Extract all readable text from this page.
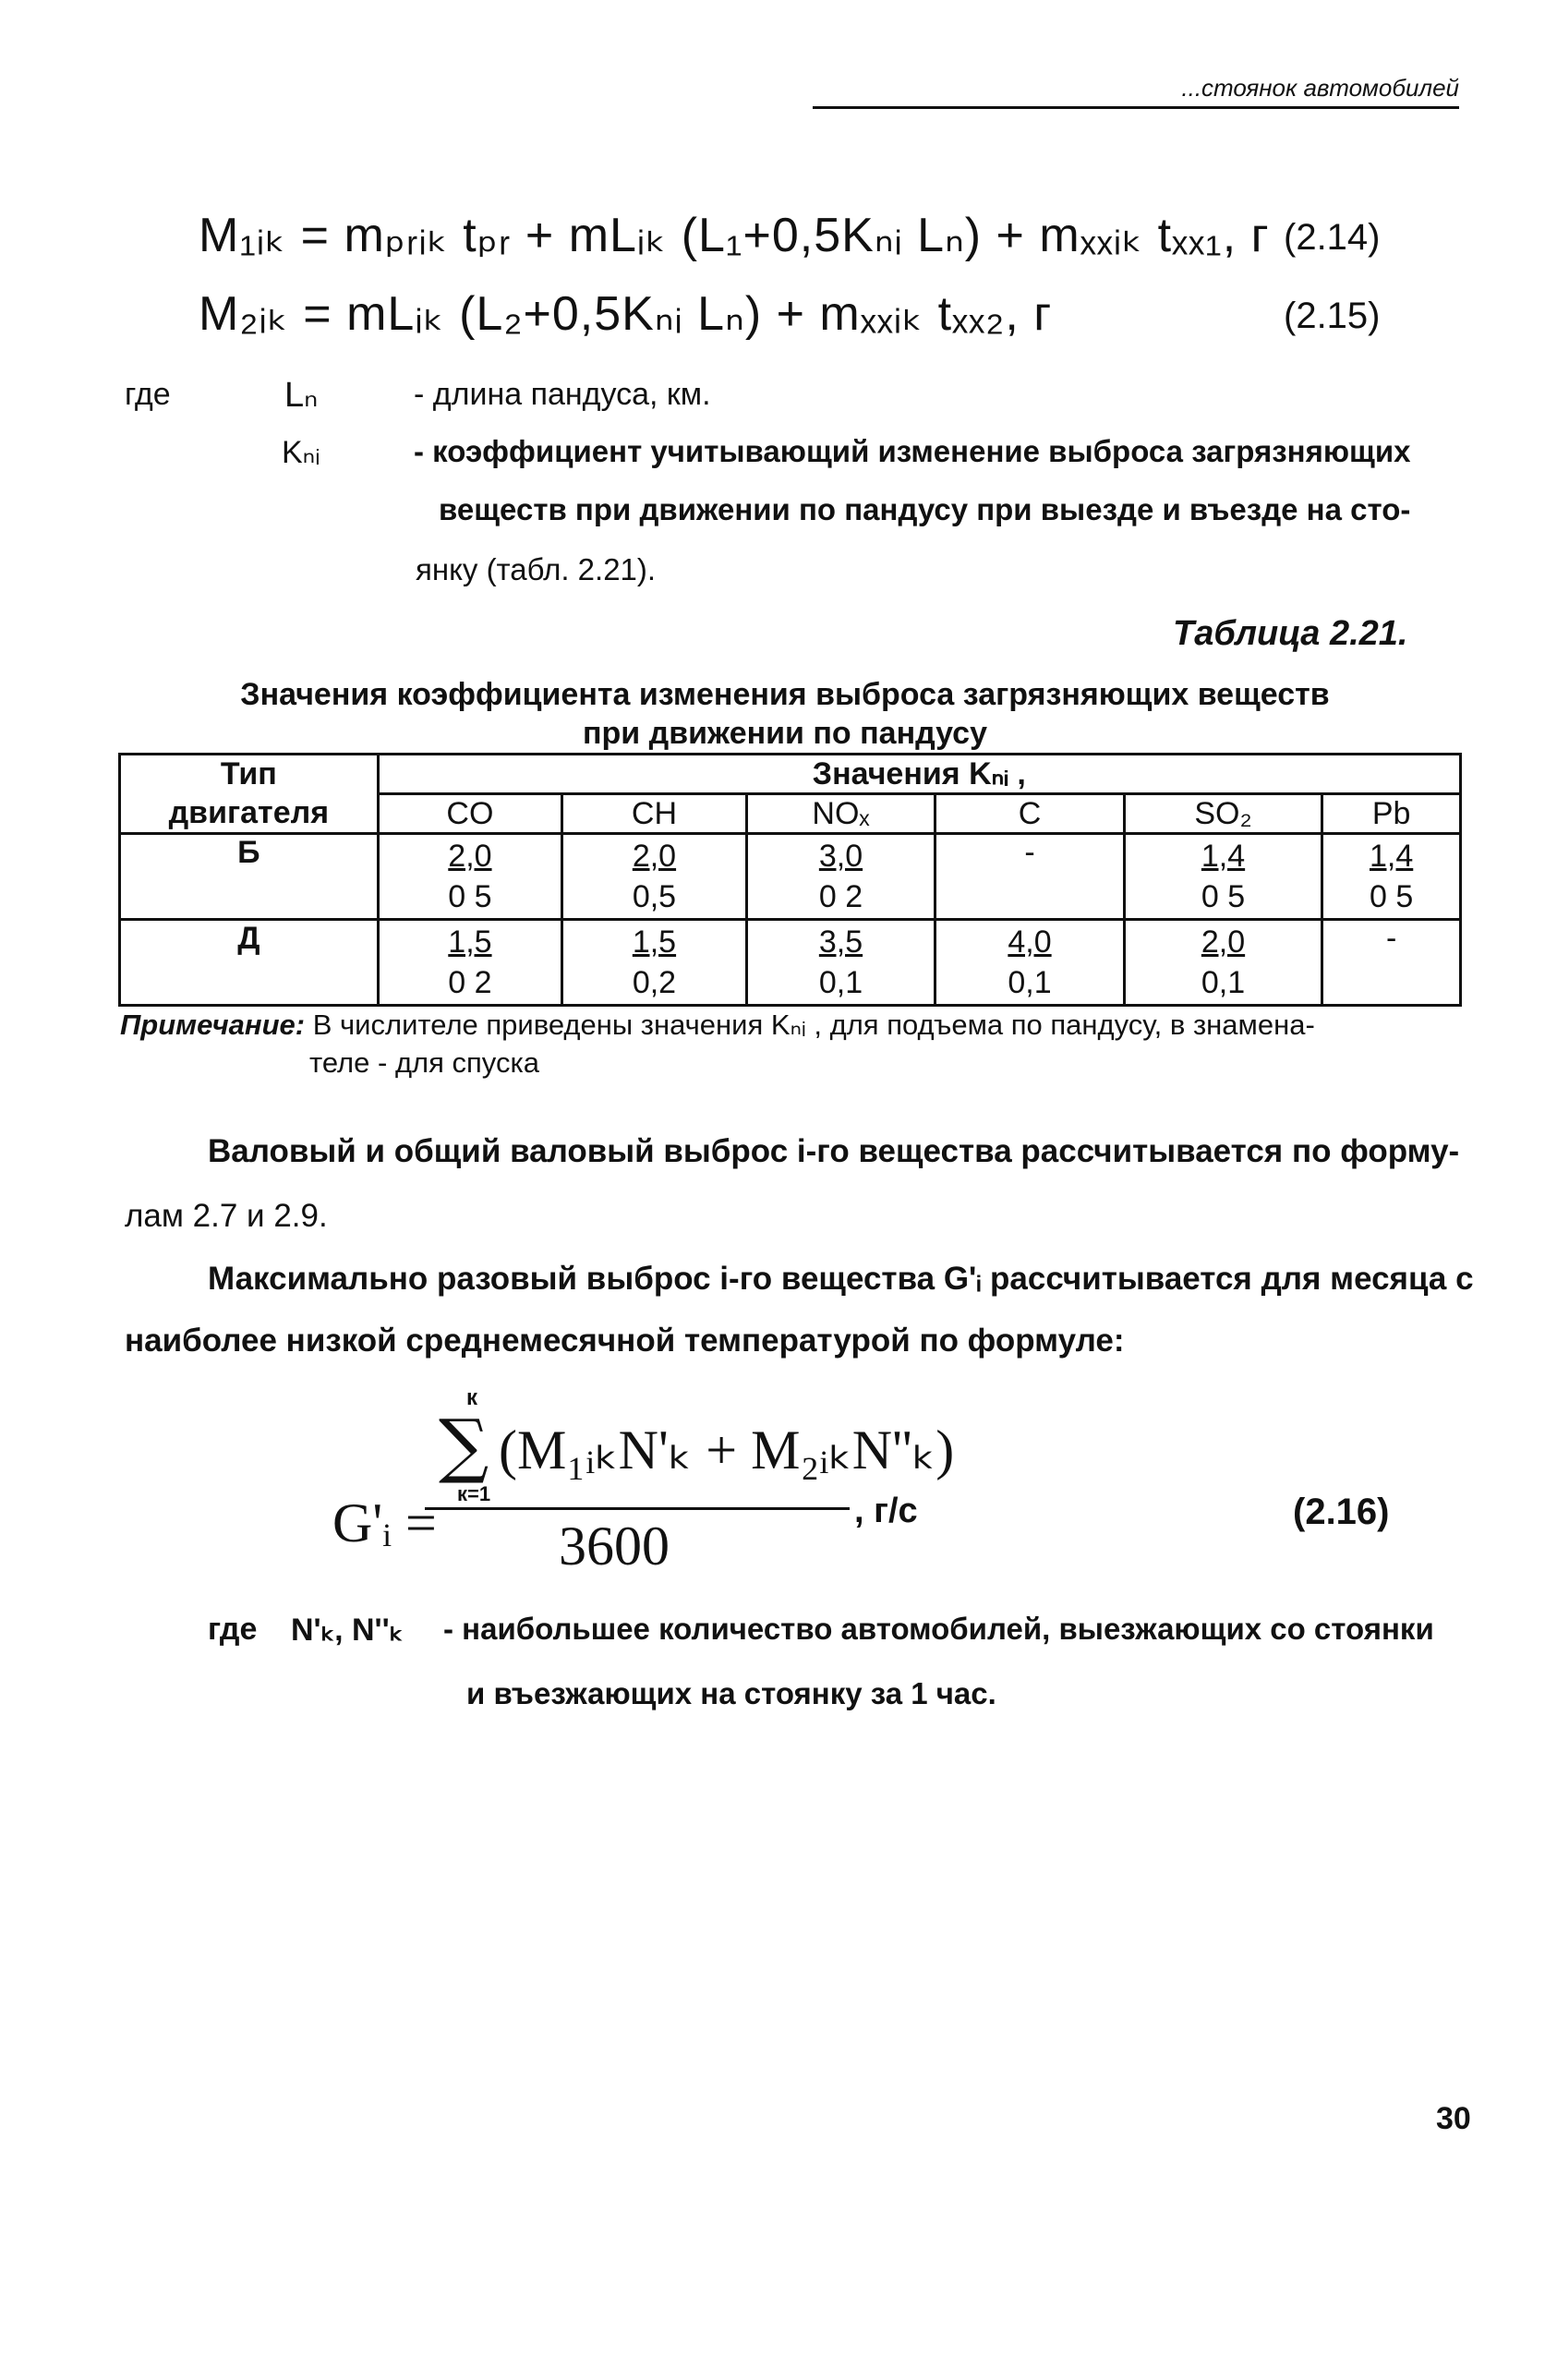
...стоянок автомобилей
M₁ᵢₖ = mₚᵣᵢₖ tₚᵣ + mLᵢₖ (L₁+0,5Kₙᵢ Lₙ) + mₓₓᵢₖ tₓₓ₁, г (2.14)
M₂ᵢₖ = mLᵢₖ (L₂+0,5Kₙᵢ Lₙ) + mₓₓᵢₖ tₓₓ₂, г	(2.15)
где	Lₙ	- длина пандуса, км.
Kₙᵢ	- коэффициент учитывающий изменение выброса загрязняющих
веществ при движении по пандусу при выезде и въезде на сто-
янку (табл. 2.21).
Таблица 2.21.
Значения коэффициента изменения выброса загрязняющих веществ
при движении по пандусу
Тип	Значения Kₙᵢ ,					
двигателя	CO	CH	NOₓ	C	SO₂	Pb
Б	$\frac{2,0}{0 5}$	$\frac{2,0}{0,5}$	$\frac{3,0}{0 2}$	-	$\frac{1,4}{0 5}$	$\frac{1,4}{0 5}$
Д	$\frac{1,5}{0 2}$	$\frac{1,5}{0,2}$	$\frac{3,5}{0,1}$	$\frac{4,0}{0,1}$	$\frac{2,0}{0,1}$	-
Примечание: В числителе приведены значения Kₙᵢ , для подъема по пандусу, в знамена-
теле - для спуска
Валовый и общий валовый выброс i-го вещества рассчитывается по форму-
лам 2.7 и 2.9.
Максимально разовый выброс i-го вещества G'ᵢ рассчитывается для месяца с
наиболее низкой среднемесячной температурой по формуле:
G'ᵢ =
к
∑
к=1
(M₁ᵢₖN'ₖ + M₂ᵢₖN''ₖ)
3600
, г/с	(2.16)
где N'ₖ, N''ₖ - наибольшее количество автомобилей, выезжающих со стоянки
и въезжающих на стоянку за 1 час.
30
